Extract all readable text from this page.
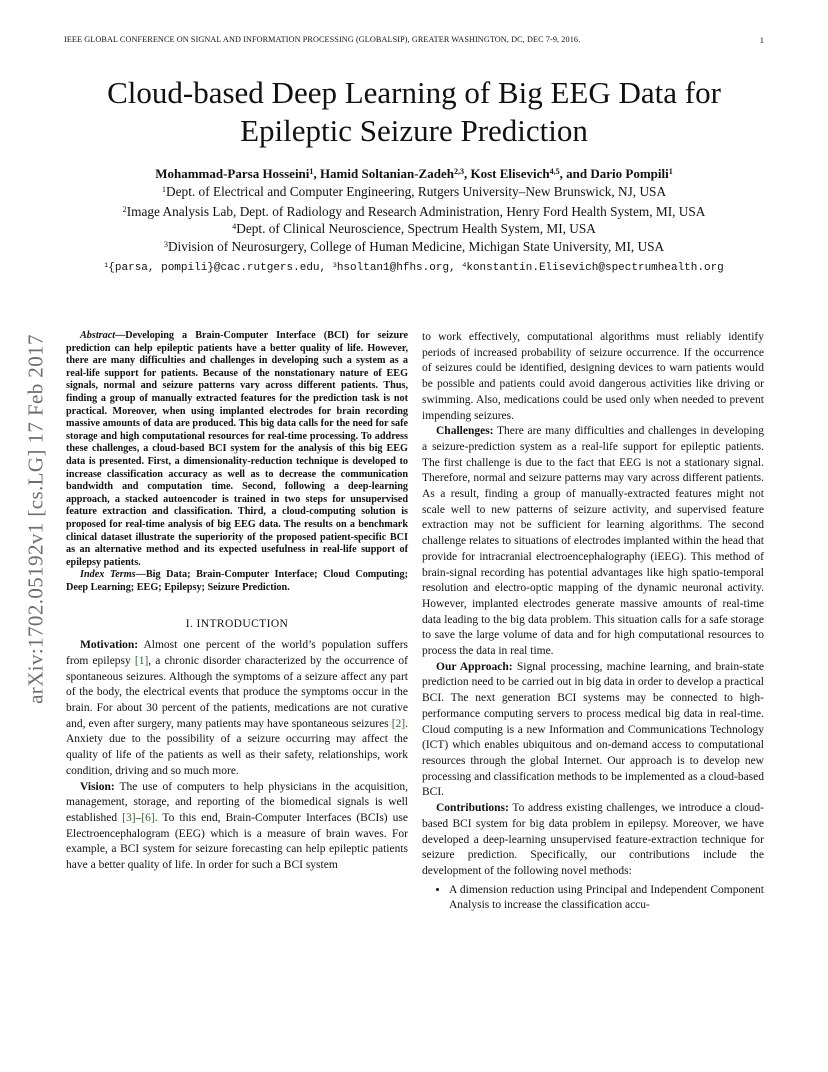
IEEE GLOBAL CONFERENCE ON SIGNAL AND INFORMATION PROCESSING (GLOBALSIP), GREATER WASHINGTON, DC, DEC 7-9, 2016.	1
arXiv:1702.05192v1 [cs.LG] 17 Feb 2017
Cloud-based Deep Learning of Big EEG Data for
Epileptic Seizure Prediction
Mohammad-Parsa Hosseini$^1$, Hamid Soltanian-Zadeh$^{2,3}$, Kost Elisevich$^{4,5}$, and Dario Pompili$^1$
$^1$Dept. of Electrical and Computer Engineering, Rutgers University–New Brunswick, NJ, USA
$^2$Image Analysis Lab, Dept. of Radiology and Research Administration, Henry Ford Health System, MI, USA
$^4$Dept. of Clinical Neuroscience, Spectrum Health System, MI, USA
$^3$Division of Neurosurgery, College of Human Medicine, Michigan State University, MI, USA
$^1${parsa, pompili}@cac.rutgers.edu, $^3$hsoltan1@hfhs.org, $^4$konstantin.Elisevich@spectrumhealth.org

Abstract—Developing a Brain-Computer Interface (BCI) for seizure prediction can help epileptic patients have a better quality of life. However, there are many difficulties and challenges in developing such a system as a real-life support for patients. Because of the nonstationary nature of EEG signals, normal and seizure patterns vary across different patients. Thus, finding a group of manually extracted features for the prediction task is not practical. Moreover, when using implanted electrodes for brain recording massive amounts of data are produced. This big data calls for the need for safe storage and high computational resources for real-time processing. To address these challenges, a cloud-based BCI system for the analysis of this big EEG data is presented. First, a dimensionality-reduction technique is developed to increase classification accuracy as well as to decrease the communication bandwidth and computation time. Second, following a deep-learning approach, a stacked autoencoder is trained in two steps for unsupervised feature extraction and classification. Third, a cloud-computing solution is proposed for real-time analysis of big EEG data. The results on a benchmark clinical dataset illustrate the superiority of the proposed patient-specific BCI as an alternative method and its expected usefulness in real-life support of epilepsy patients.

Index Terms—Big Data; Brain-Computer Interface; Cloud Computing; Deep Learning; EEG; Epilepsy; Seizure Prediction.

I. INTRODUCTION

Motivation: Almost one percent of the world’s population suffers from epilepsy [1], a chronic disorder characterized by the occurrence of spontaneous seizures. Although the symptoms of a seizure affect any part of the body, the electrical events that produce the symptoms occur in the brain. For about 30 percent of the patients, medications are not curative and, even after surgery, many patients may have spontaneous seizures [2]. Anxiety due to the possibility of a seizure occurring may affect the quality of life of the patients as well as their safety, relationships, work condition, driving and so much more.

Vision: The use of computers to help physicians in the acquisition, management, storage, and reporting of the biomedical signals is well established [3]–[6]. To this end, Brain-Computer Interfaces (BCIs) use Electroencephalogram (EEG) which is a measure of brain waves. For example, a BCI system for seizure forecasting can help epileptic patients have a better quality of life. In order for such a BCI system

to work effectively, computational algorithms must reliably identify periods of increased probability of seizure occurrence. If the occurrence of seizures could be identified, designing devices to warn patients would be possible and patients could avoid dangerous activities like driving or swimming. Also, medications could be used only when needed to prevent impending seizures.

Challenges: There are many difficulties and challenges in developing a seizure-prediction system as a real-life support for epileptic patients. The first challenge is due to the fact that EEG is not a stationary signal. Therefore, normal and seizure patterns may vary across different patients. As a result, finding a group of manually-extracted features might not scale well to new patterns of seizure activity, and supervised feature extraction may not be sufficient for learning algorithms. The second challenge relates to situations of electrodes implanted within the head that provide for intracranial electroencephalography (iEEG). This method of brain-signal recording has potential advantages like high spatio-temporal resolution and electro-optic mapping of the dynamic neuronal activity. However, implanted electrodes generate massive amounts of real-time data leading to the big data problem. This situation calls for a safe storage to save the large volume of data and for high computational resources to process the data in real time.

Our Approach: Signal processing, machine learning, and brain-state prediction need to be carried out in big data in order to develop a practical BCI. The next generation BCI systems may be connected to high-performance computing servers to process medical big data in real-time. Cloud computing is a new Information and Communications Technology (ICT) which enables ubiquitous and on-demand access to computational resources through the global Internet. Our approach is to develop new processing and classification methods to be implemented as a cloud-based BCI.

Contributions: To address existing challenges, we introduce a cloud-based BCI system for big data problem in epilepsy. Moreover, we have developed a deep-learning unsupervised feature-extraction technique for seizure prediction. Specifically, our contributions include the development of the following novel methods:

• A dimension reduction using Principal and Independent Component Analysis to increase the classification accu-
